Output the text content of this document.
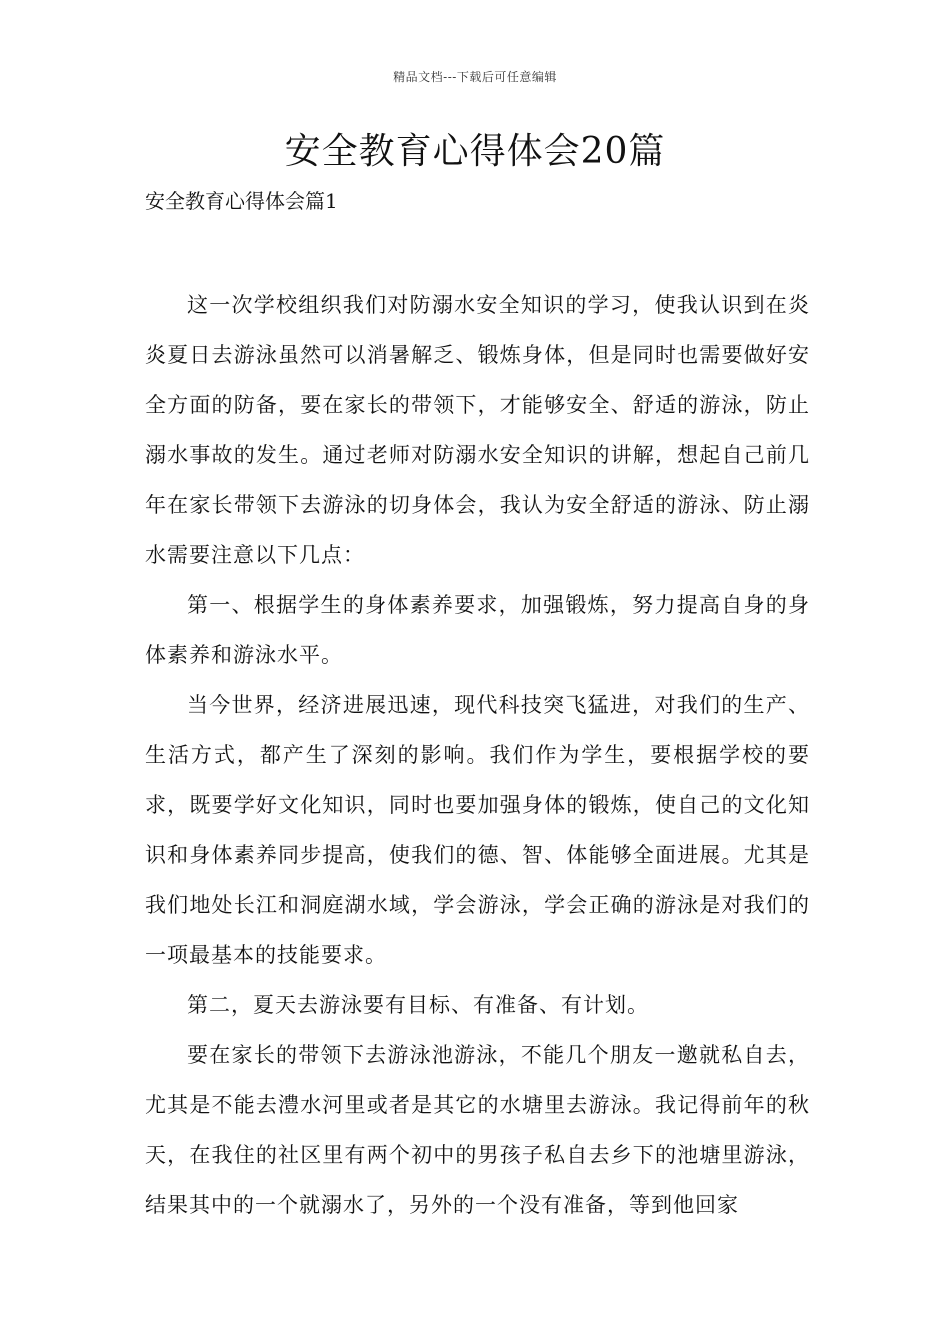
精品文档---下载后可任意编辑
安全教育心得体会20篇
安全教育心得体会篇1

这一次学校组织我们对防溺水安全知识的学习，使我认识到在炎炎夏日去游泳虽然可以消暑解乏、锻炼身体，但是同时也需要做好安全方面的防备，要在家长的带领下，才能够安全、舒适的游泳，防止溺水事故的发生。通过老师对防溺水安全知识的讲解，想起自己前几年在家长带领下去游泳的切身体会，我认为安全舒适的游泳、防止溺水需要注意以下几点：

第一、根据学生的身体素养要求，加强锻炼，努力提高自身的身体素养和游泳水平。

当今世界，经济进展迅速，现代科技突飞猛进，对我们的生产、生活方式，都产生了深刻的影响。我们作为学生，要根据学校的要求，既要学好文化知识，同时也要加强身体的锻炼，使自己的文化知识和身体素养同步提高，使我们的德、智、体能够全面进展。尤其是我们地处长江和洞庭湖水域，学会游泳，学会正确的游泳是对我们的一项最基本的技能要求。

第二，夏天去游泳要有目标、有准备、有计划。

要在家长的带领下去游泳池游泳，不能几个朋友一邀就私自去，尤其是不能去澧水河里或者是其它的水塘里去游泳。我记得前年的秋天，在我住的社区里有两个初中的男孩子私自去乡下的池塘里游泳，结果其中的一个就溺水了，另外的一个没有准备，等到他回家
